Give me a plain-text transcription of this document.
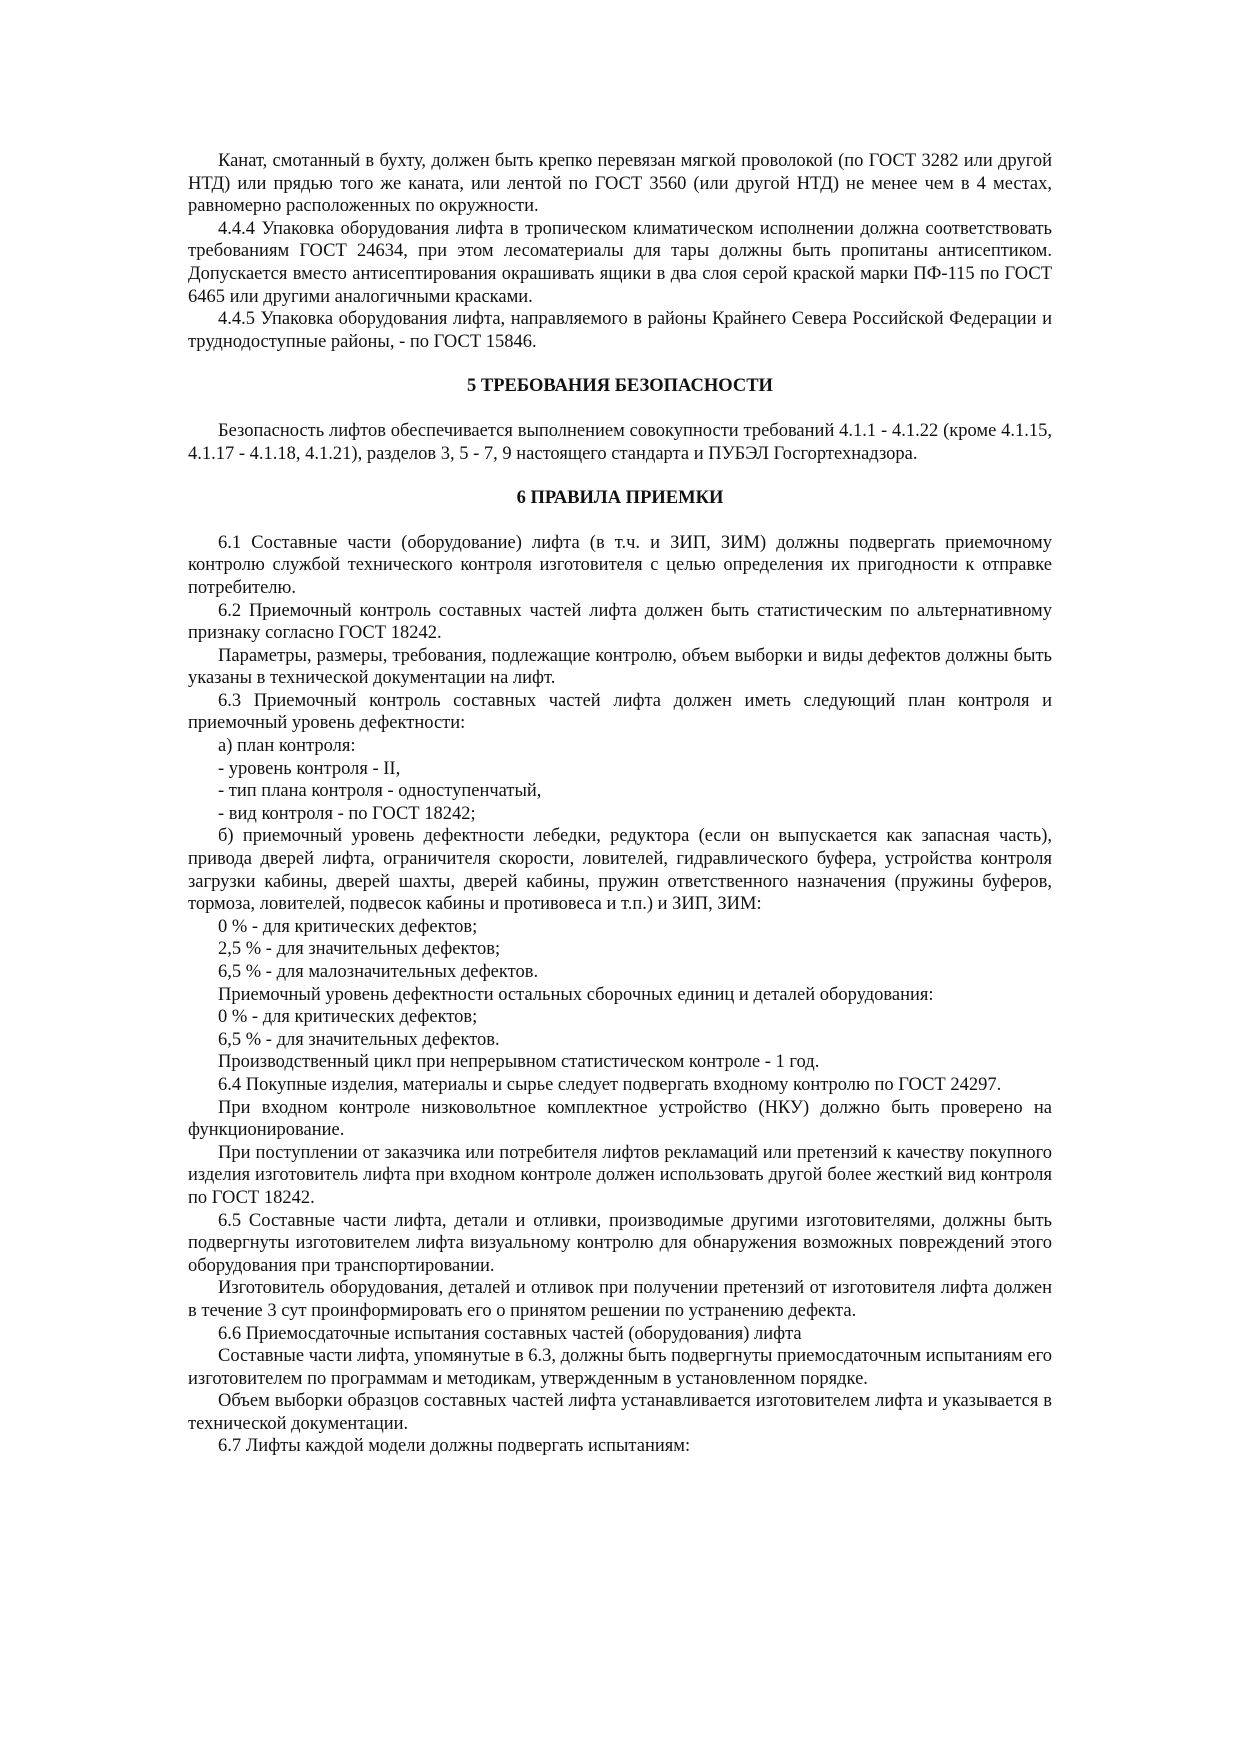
Канат, смотанный в бухту, должен быть крепко перевязан мягкой проволокой (по ГОСТ 3282 или другой НТД) или прядью того же каната, или лентой по ГОСТ 3560 (или другой НТД) не менее чем в 4 местах, равномерно расположенных по окружности.

4.4.4 Упаковка оборудования лифта в тропическом климатическом исполнении должна соответствовать требованиям ГОСТ 24634, при этом лесоматериалы для тары должны быть пропитаны антисептиком. Допускается вместо антисептирования окрашивать ящики в два слоя серой краской марки ПФ-115 по ГОСТ 6465 или другими аналогичными красками.

4.4.5 Упаковка оборудования лифта, направляемого в районы Крайнего Севера Российской Федерации и труднодоступные районы, - по ГОСТ 15846.

5 ТРЕБОВАНИЯ БЕЗОПАСНОСТИ

Безопасность лифтов обеспечивается выполнением совокупности требований 4.1.1 - 4.1.22 (кроме 4.1.15, 4.1.17 - 4.1.18, 4.1.21), разделов 3, 5 - 7, 9 настоящего стандарта и ПУБЭЛ Госгортехнадзора.

6 ПРАВИЛА ПРИЕМКИ

6.1 Составные части (оборудование) лифта (в т.ч. и ЗИП, ЗИМ) должны подвергать приемочному контролю службой технического контроля изготовителя с целью определения их пригодности к отправке потребителю.

6.2 Приемочный контроль составных частей лифта должен быть статистическим по альтернативному признаку согласно ГОСТ 18242.

Параметры, размеры, требования, подлежащие контролю, объем выборки и виды дефектов должны быть указаны в технической документации на лифт.

6.3 Приемочный контроль составных частей лифта должен иметь следующий план контроля и приемочный уровень дефектности:

а) план контроля:

- уровень контроля - II,

- тип плана контроля - одноступенчатый,

- вид контроля - по ГОСТ 18242;

б) приемочный уровень дефектности лебедки, редуктора (если он выпускается как запасная часть), привода дверей лифта, ограничителя скорости, ловителей, гидравлического буфера, устройства контроля загрузки кабины, дверей шахты, дверей кабины, пружин ответственного назначения (пружины буферов, тормоза, ловителей, подвесок кабины и противовеса и т.п.) и ЗИП, ЗИМ:

0 % - для критических дефектов;

2,5 % - для значительных дефектов;

6,5 % - для малозначительных дефектов.

Приемочный уровень дефектности остальных сборочных единиц и деталей оборудования:

0 % - для критических дефектов;

6,5 % - для значительных дефектов.

Производственный цикл при непрерывном статистическом контроле - 1 год.

6.4 Покупные изделия, материалы и сырье следует подвергать входному контролю по ГОСТ 24297.

При входном контроле низковольтное комплектное устройство (НКУ) должно быть проверено на функционирование.

При поступлении от заказчика или потребителя лифтов рекламаций или претензий к качеству покупного изделия изготовитель лифта при входном контроле должен использовать другой более жесткий вид контроля по ГОСТ 18242.

6.5 Составные части лифта, детали и отливки, производимые другими изготовителями, должны быть подвергнуты изготовителем лифта визуальному контролю для обнаружения возможных повреждений этого оборудования при транспортировании.

Изготовитель оборудования, деталей и отливок при получении претензий от изготовителя лифта должен в течение 3 сут проинформировать его о принятом решении по устранению дефекта.

6.6 Приемосдаточные испытания составных частей (оборудования) лифта

Составные части лифта, упомянутые в 6.3, должны быть подвергнуты приемосдаточным испытаниям его изготовителем по программам и методикам, утвержденным в установленном порядке.

Объем выборки образцов составных частей лифта устанавливается изготовителем лифта и указывается в технической документации.

6.7 Лифты каждой модели должны подвергать испытаниям:
